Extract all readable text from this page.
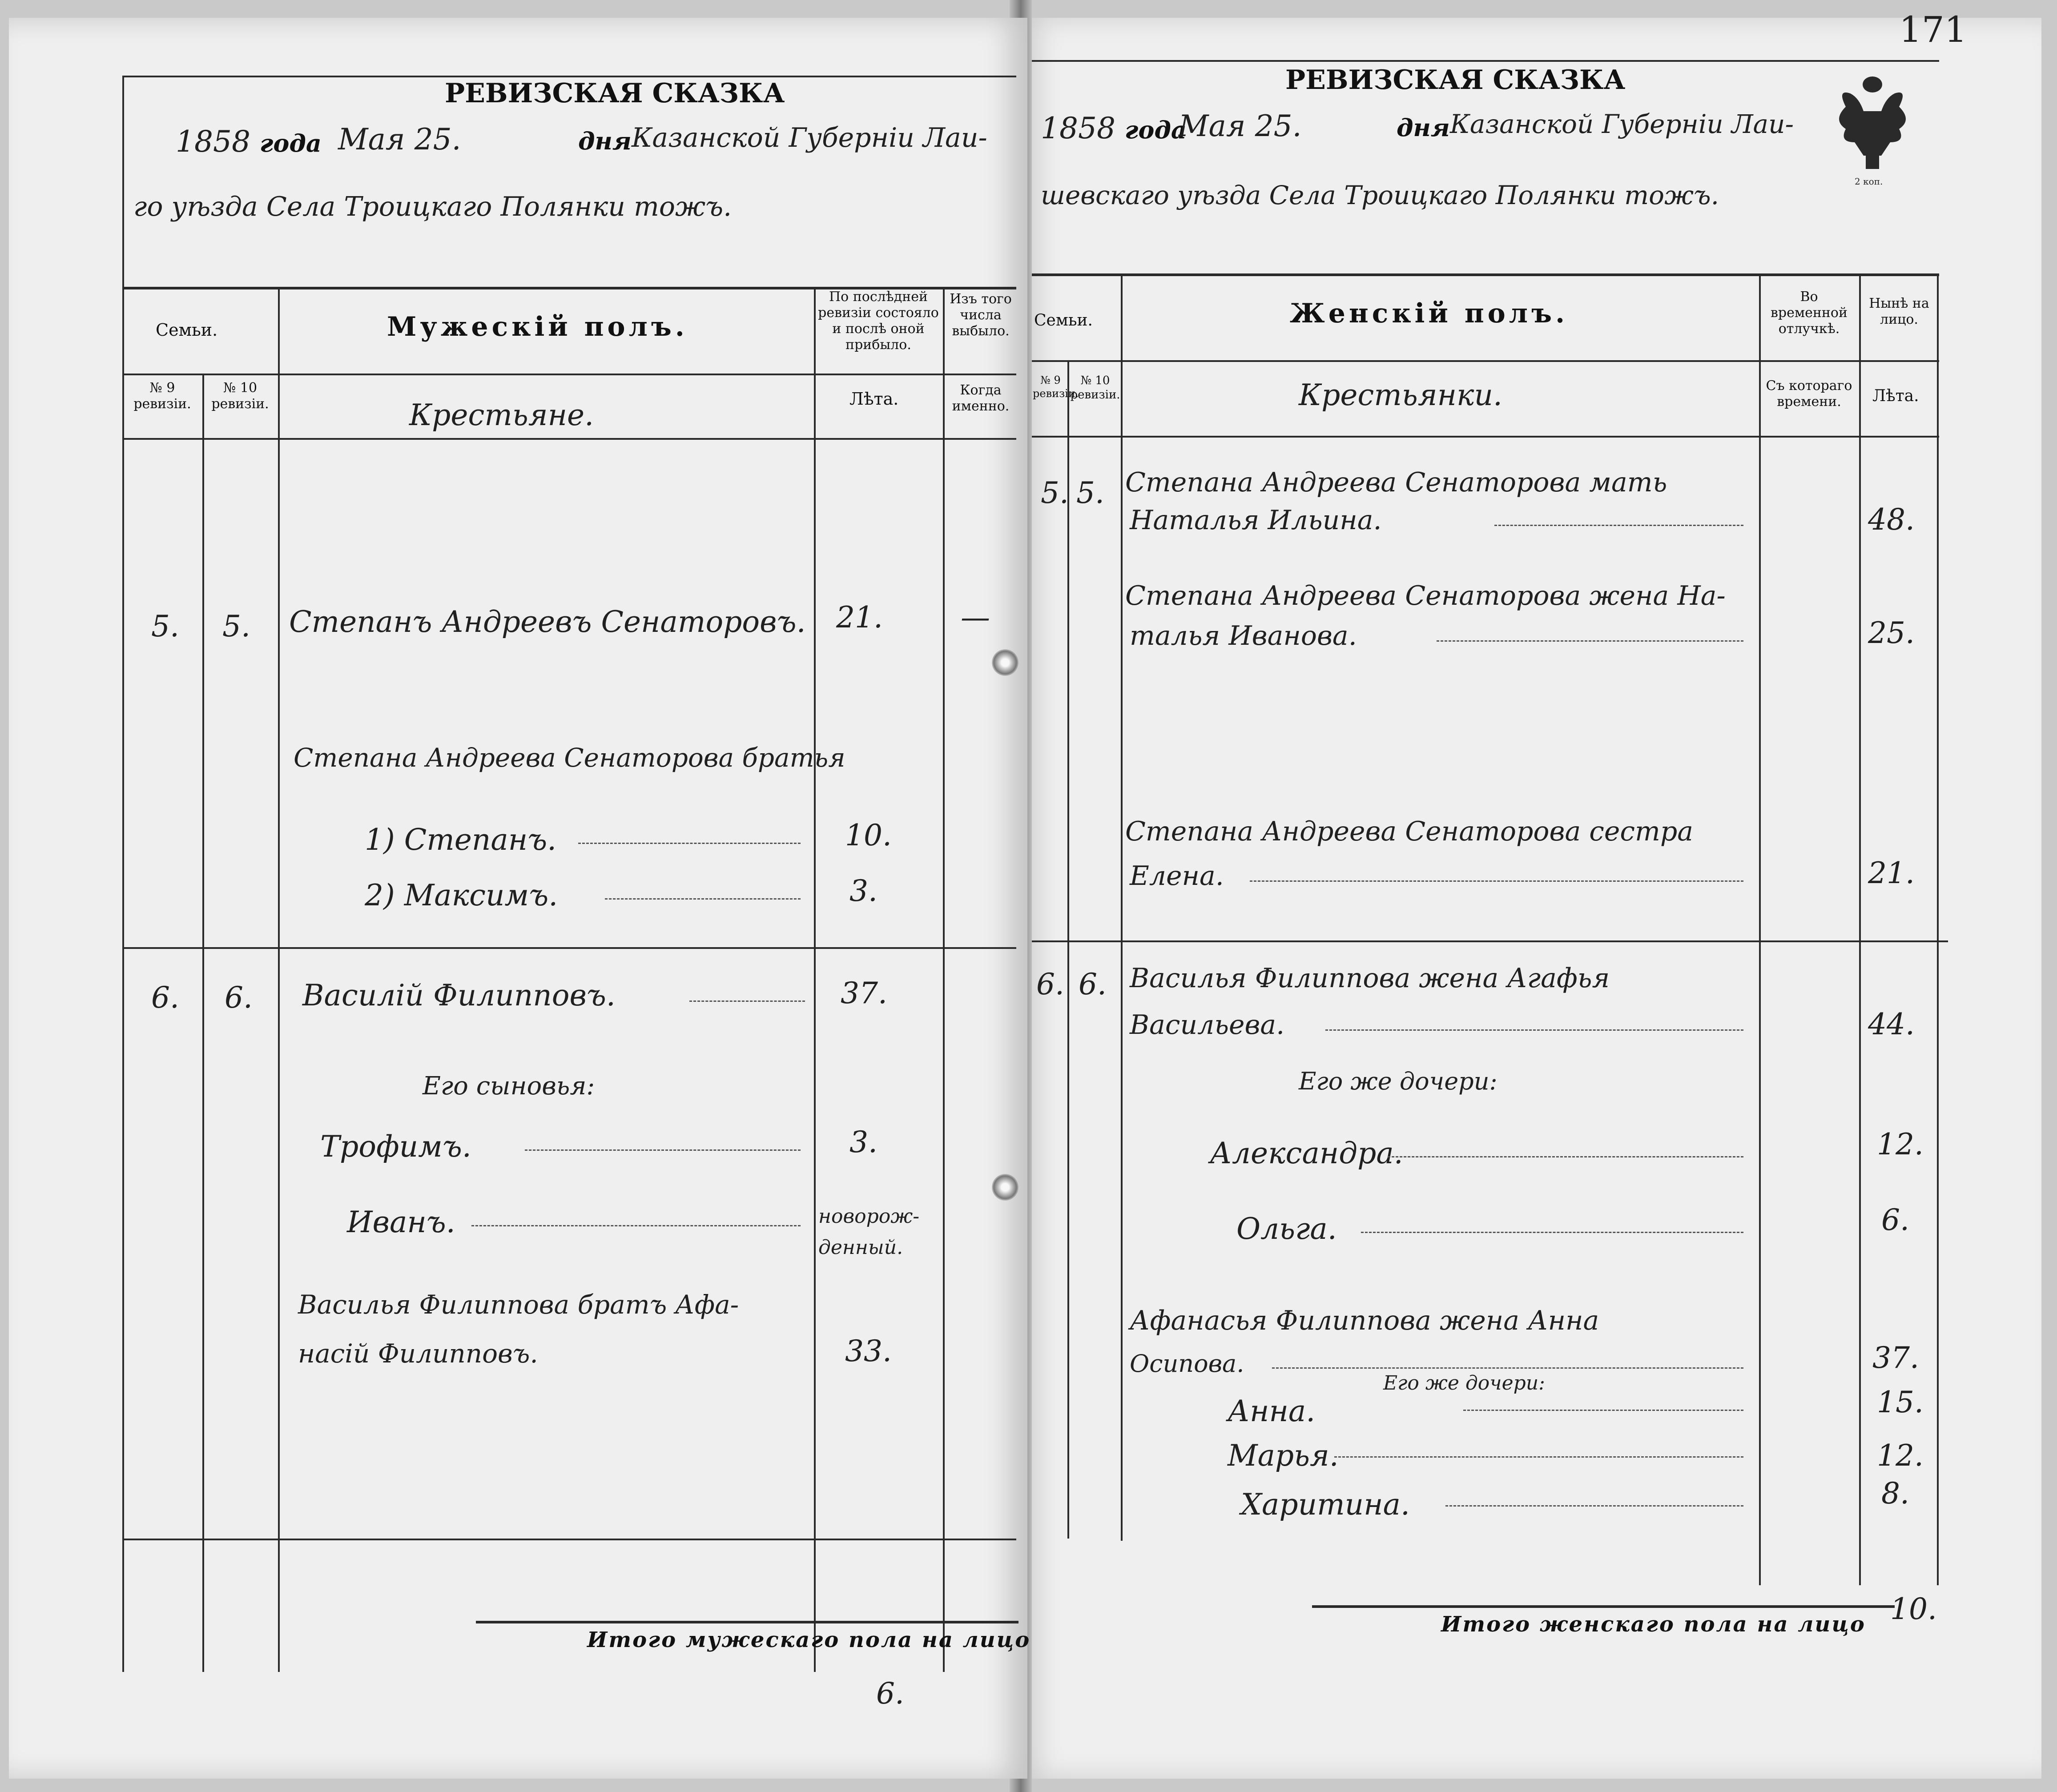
РЕВИЗСКАЯ СКАЗКА
1858 года Мая 25.	дня Казанской Губерніи Лаи-
го уѣзда Села Троицкаго Полянки тожъ.
Семьи.	Мужескій полъ.
По послѣдней ревизіи состояло и послѣ оной прибыло.
Изъ того числа выбыло.
№ 9 ревизіи.
№ 10 ревизіи.	Лѣта.	Когда именно.
Крестьяне.
5. 5. Степанъ Андреевъ Сенаторовъ. 21.	—
Степана Андреева Сенаторова братья
1) Степанъ.	10.
2) Максимъ.	3.
6. 6. Василій Филипповъ.	37.
Его сыновья:
Трофимъ.	3.
Иванъ.	новорож-
денный.
Василья Филиппова братъ Афа-
насій Филипповъ.	33.
Итого мужескаго пола на лицо
6.
РЕВИЗСКАЯ СКАЗКА
1858 года
Мая 25.	дня Казанской Губерніи Лаи-
шевскаго уѣзда Села Троицкаго Полянки тожъ.	2 коп.
171
Семьи.	Женскій полъ.
Во временной отлучкѣ.
Нынѣ на лицо.
№ 9 ревизіи.
№ 10 ревизіи.
Съ котораго времени.	Лѣта.
Крестьянки.
5. 5. Степана Андреева Сенаторова мать
Наталья Ильина.	48.
Степана Андреева Сенаторова жена На-
талья Иванова.	25.
Степана Андреева Сенаторова сестра
Елена.	21.
6. 6. Василья Филиппова жена Агафья
Васильева.	44.
Его же дочери:
Александра.	12.
Ольга.	6.
Афанасья Филиппова жена Анна
Осипова.	37.
Его же дочери:
Анна.	15.
Марья.	12.
Харитина.	8.
Итого женскаго пола на лицо 10.
